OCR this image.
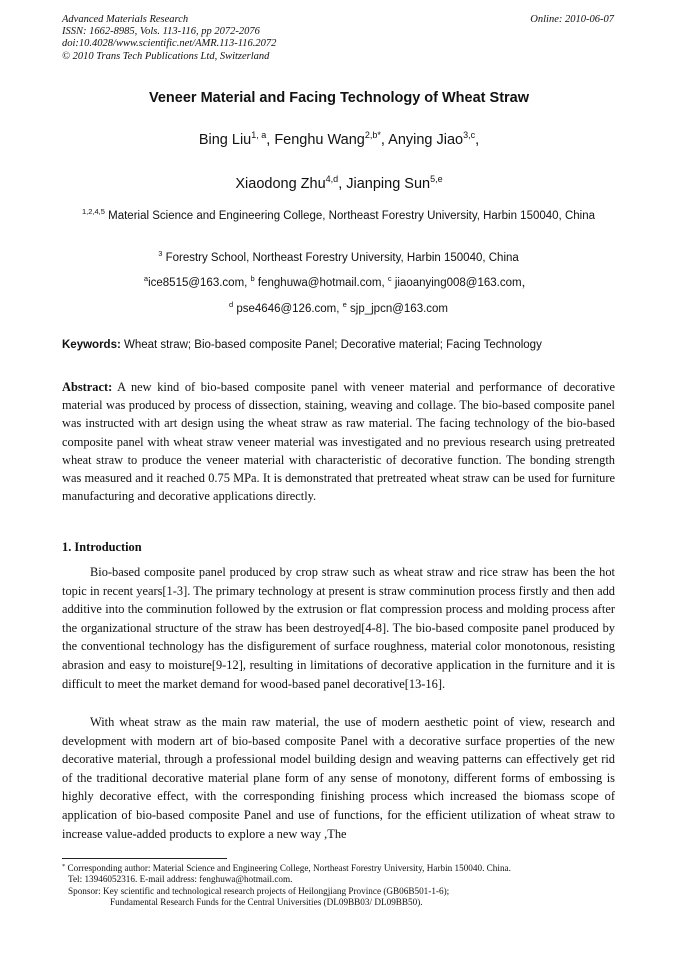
Advanced Materials Research
ISSN: 1662-8985, Vols. 113-116, pp 2072-2076
doi:10.4028/www.scientific.net/AMR.113-116.2072
© 2010 Trans Tech Publications Ltd, Switzerland
Online: 2010-06-07
Veneer Material and Facing Technology of Wheat Straw
Bing Liu$^{1, a}$, Fenghu Wang$^{2,b*}$, Anying Jiao$^{3,c}$,
Xiaodong Zhu$^{4,d}$, Jianping Sun$^{5,e}$
$^{1,2,4,5}$ Material Science and Engineering College, Northeast Forestry University, Harbin 150040, China
$^3$ Forestry School, Northeast Forestry University, Harbin 150040, China
$^a$ice8515@163.com, $^b$ fenghuwa@hotmail.com, $^c$ jiaoanying008@163.com，
$^d$ pse4646@126.com, $^e$ sjp_jpcn@163.com
Keywords: Wheat straw; Bio-based composite Panel; Decorative material; Facing Technology
Abstract: A new kind of bio-based composite panel with veneer material and performance of decorative material was produced by process of dissection, staining, weaving and collage. The bio-based composite panel was instructed with art design using the wheat straw as raw material. The facing technology of the bio-based composite panel with wheat straw veneer material was investigated and no previous research using pretreated wheat straw to produce the veneer material with characteristic of decorative function. The bonding strength was measured and it reached 0.75 MPa. It is demonstrated that pretreated wheat straw can be used for furniture manufacturing and decorative applications directly.
1. Introduction
Bio-based composite panel produced by crop straw such as wheat straw and rice straw has been the hot topic in recent years[1-3]. The primary technology at present is straw comminution process firstly and then add additive into the comminution followed by the extrusion or flat compression process and molding process after the organizational structure of the straw has been destroyed[4-8]. The bio-based composite panel produced by the conventional technology has the disfigurement of surface roughness, material color monotonous, resisting abrasion and easy to moisture[9-12], resulting in limitations of decorative application in the furniture and it is difficult to meet the market demand for wood-based panel decorative[13-16].
With wheat straw as the main raw material, the use of modern aesthetic point of view, research and development with modern art of bio-based composite Panel with a decorative surface properties of the new decorative material, through a professional model building design and weaving patterns can effectively get rid of the traditional decorative material plane form of any sense of monotony, different forms of embossing is highly decorative effect, with the corresponding finishing process which increased the biomass scope of application of bio-based composite Panel and use of functions, for the efficient utilization of wheat straw to increase value-added products to explore a new way ,The
* Corresponding author: Material Science and Engineering College, Northeast Forestry University, Harbin 150040. China.
Tel: 13946052316. E-mail address: fenghuwa@hotmail.com.
Sponsor: Key scientific and technological research projects of Heilongjiang Province (GB06B501-1-6);
Fundamental Research Funds for the Central Universities (DL09BB03/ DL09BB50).
